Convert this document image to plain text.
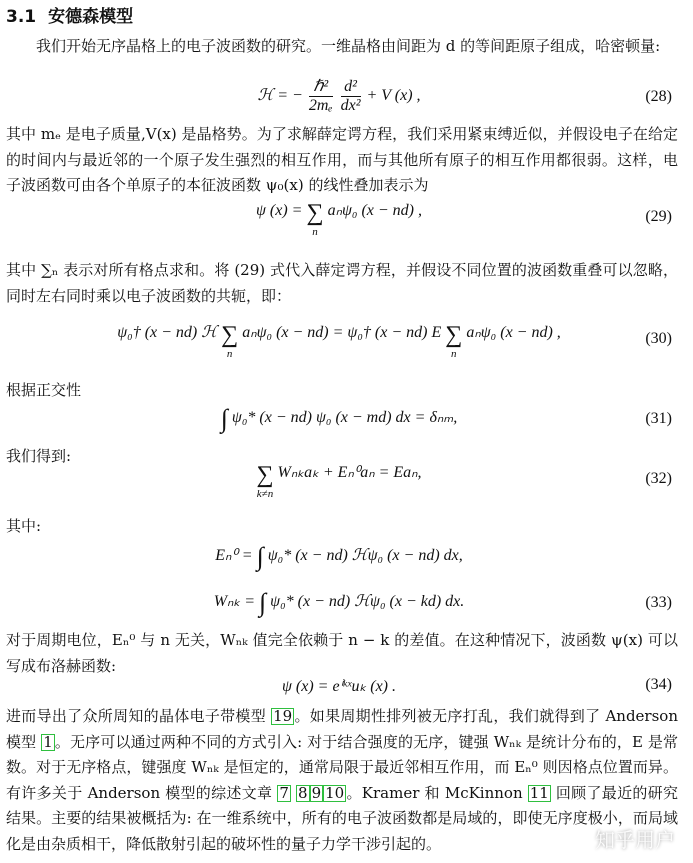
3.1 安德森模型
我们开始无序晶格上的电子波函数的研究。一维晶格由间距为 d 的等间距原子组成，哈密顿量:
ℋ = − $\frac{\text{ℏ²}}{\text{2mₑ}}$
$\frac{\text{d²}}{\text{dx²}} + V$ (x) ,	(28)
其中 mₑ 是电子质量,V(x) 是晶格势。为了求解薛定谔方程，我们采用紧束缚近似，并假设电子在给定的时间内与最近邻的一个原子发生强烈的相互作用，而与其他所有原子的相互作用都很弱。这样，电子波函数可由各个单原子的本征波函数 ψ₀(x) 的线性叠加表示为
ψ (x) = ∑
n
aₙψ₀ (x − nd) ,	(29)
其中 ∑ₙ 表示对所有格点求和。将 (29) 式代入薛定谔方程，并假设不同位置的波函数重叠可以忽略，同时左右同时乘以电子波函数的共轭，即：
ψ₀† (x − nd) ℋ ∑
n
aₙψ₀ (x − nd) = ψ₀† (x − nd) E ∑
n
aₙψ₀ (x − nd) ,	(30)
根据正交性
∫ ψ₀* (x − nd) ψ₀ (x − md) dx = δₙₘ,	(31)
我们得到:
∑
k≠n
Wₙₖaₖ + Eₙ⁰aₙ = Eaₙ,	(32)
其中:
Eₙ⁰ = ∫ ψ₀* (x − nd) ℋψ₀ (x − nd) dx,
Wₙₖ = ∫ ψ₀* (x − nd) ℋψ₀ (x − kd) dx.	(33)
对于周期电位，Eₙ⁰ 与 n 无关，Wₙₖ 值完全依赖于 n − k 的差值。在这种情况下，波函数 ψ(x) 可以写成布洛赫函数:
ψ (x) = eⁱᵏˣuₖ (x) .	(34)
进而导出了众所周知的晶体电子带模型 19 。如果周期性排列被无序打乱，我们就得到了 Anderson 模型 1 。无序可以通过两种不同的方式引入: 对于结合强度的无序，键强 Wₙₖ 是统计分布的，E 是常数。对于无序格点，键强度 Wₙₖ 是恒定的，通常局限于最近邻相互作用，而 Eₙ⁰ 则因格点位置而异。有许多关于 Anderson 模型的综述文章 7 8 9 10 。Kramer 和 McKinnon 11 回顾了最近的研究结果。主要的结果被概括为: 在一维系统中，所有的电子波函数都是局域的，即使无序度极小，而局域化是由杂质相干，降低散射引起的破坏性的量子力学干涉引起的。	知乎用户
